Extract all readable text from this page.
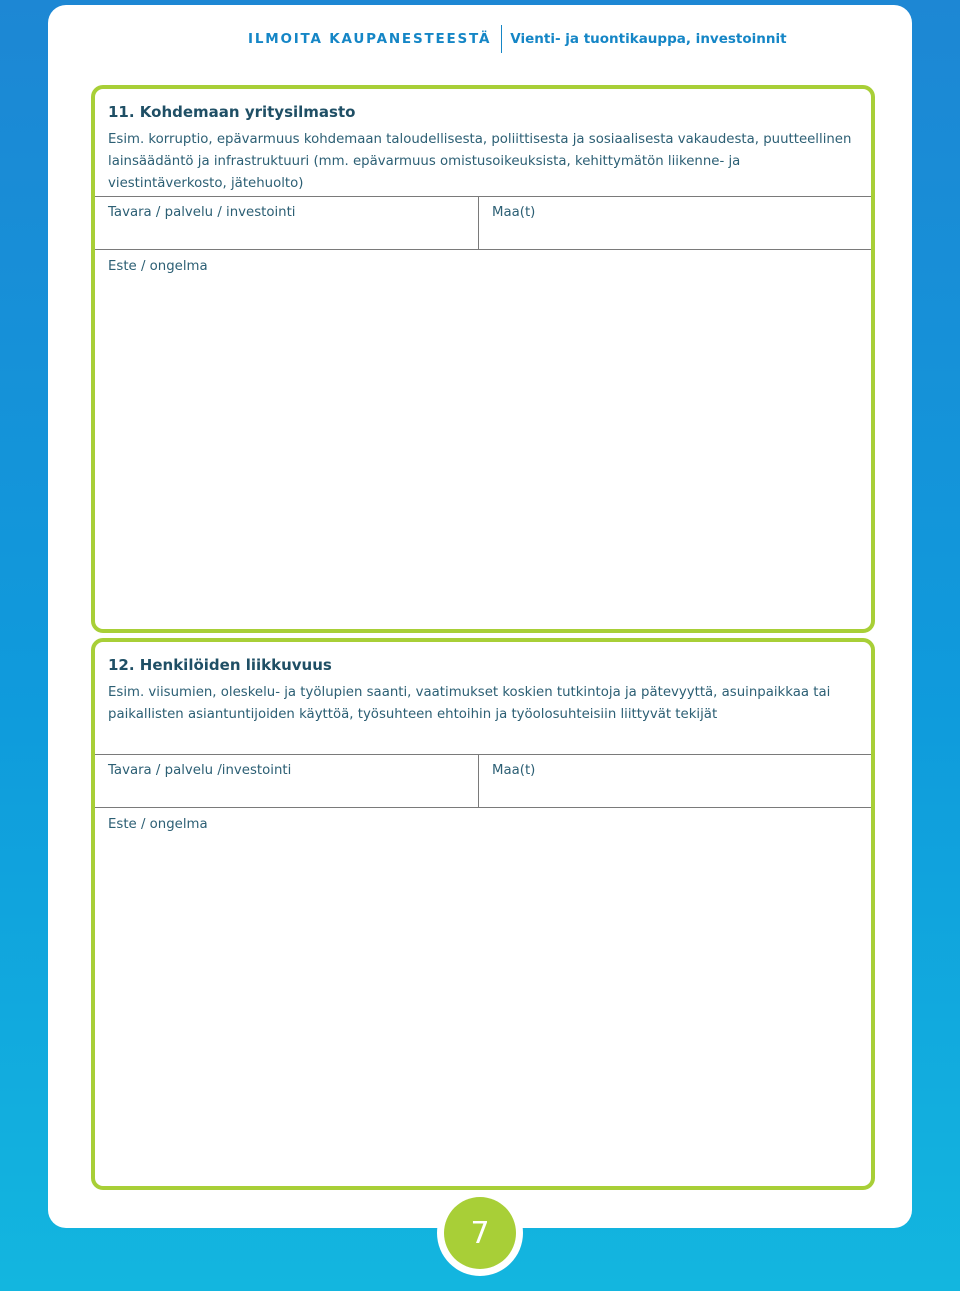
ILMOITA KAUPANESTEESTÄ	Vienti- ja tuontikauppa, investoinnit
11. Kohdemaan yritysilmasto
Esim. korruptio, epävarmuus kohdemaan taloudellisesta, poliittisesta ja sosiaalisesta vakaudesta, puutteellinen lainsäädäntö ja infrastruktuuri (mm. epävarmuus omistusoikeuksista, kehittymätön liikenne- ja viestintäverkosto, jätehuolto)
Tavara / palvelu / investointi	Maa(t)
Este / ongelma
12. Henkilöiden liikkuvuus
Esim. viisumien, oleskelu- ja työlupien saanti, vaatimukset koskien tutkintoja ja pätevyyttä, asuinpaikkaa tai paikallisten asiantuntijoiden käyttöä, työsuhteen ehtoihin ja työolosuhteisiin liittyvät tekijät
Tavara / palvelu /investointi	Maa(t)
Este / ongelma
7
